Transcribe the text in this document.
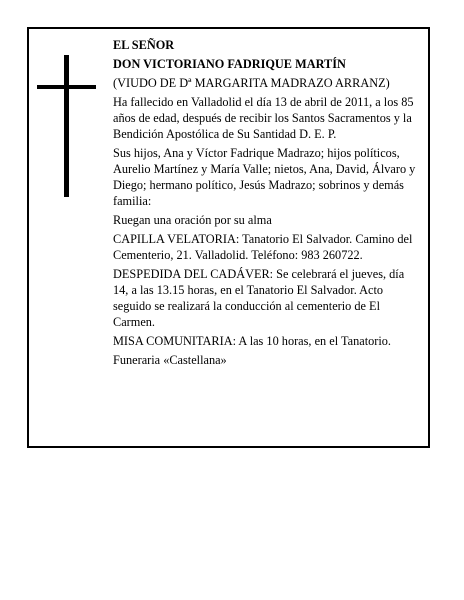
EL SEÑOR

DON VICTORIANO FADRIQUE MARTÍN

(VIUDO DE Dª MARGARITA MADRAZO ARRANZ)

Ha fallecido en Valladolid el día 13 de abril de 2011, a los 85 años de edad, después de recibir los Santos Sacramentos y la Bendición Apostólica de Su Santidad D. E. P.

Sus hijos, Ana y Víctor Fadrique Madrazo; hijos políticos, Aurelio Martínez y María Valle; nietos, Ana, David, Álvaro y Diego; hermano político, Jesús Madrazo; sobrinos y demás familia:

Ruegan una oración por su alma

CAPILLA VELATORIA: Tanatorio El Salvador. Camino del Cementerio, 21. Valladolid. Teléfono: 983 260722.

DESPEDIDA DEL CADÁVER: Se celebrará el jueves, día 14, a las 13.15 horas, en el Tanatorio El Salvador. Acto seguido se realizará la conducción al cementerio de El Carmen.

MISA COMUNITARIA: A las 10 horas, en el Tanatorio.

Funeraria «Castellana»
